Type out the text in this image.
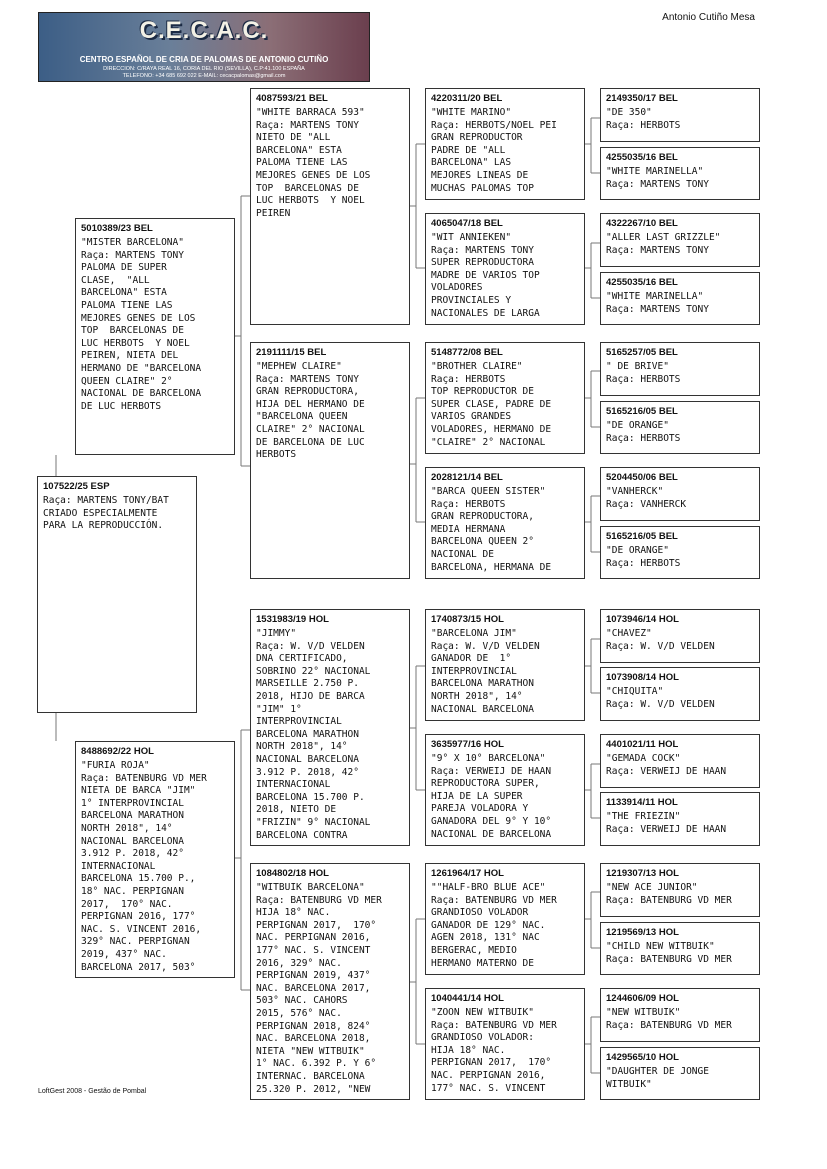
C.E.C.A.C.
CENTRO ESPAÑOL DE CRIA DE PALOMAS DE ANTONIO CUTIÑO
DIRECCION: C/RAYA REAL 16, CORIA DEL RIO (SEVILLA), C.P:41.100 ESPAÑA
TELEFONO: +34 685 692 022 E-MAIL: cecacpalomas@gmail.com
Antonio Cutiño Mesa
107522/25 ESP
Raça: MARTENS TONY/BAT
CRIADO ESPECIALMENTE
PARA LA REPRODUCCIÓN.
5010389/23 BEL
"MISTER BARCELONA"
Raça: MARTENS TONY
PALOMA DE SUPER
CLASE,  "ALL
BARCELONA" ESTA
PALOMA TIENE LAS
MEJORES GENES DE LOS
TOP  BARCELONAS DE
LUC HERBOTS  Y NOEL
PEIREN, NIETA DEL
HERMANO DE "BARCELONA
QUEEN CLAIRE" 2°
NACIONAL DE BARCELONA
DE LUC HERBOTS
8488692/22 HOL
"FURIA ROJA"
Raça: BATENBURG VD MER
NIETA DE BARCA "JIM"
1° INTERPROVINCIAL
BARCELONA MARATHON
NORTH 2018", 14°
NACIONAL BARCELONA
3.912 P. 2018, 42°
INTERNACIONAL
BARCELONA 15.700 P.,
18° NAC. PERPIGNAN
2017,  170° NAC.
PERPIGNAN 2016, 177°
NAC. S. VINCENT 2016,
329° NAC. PERPIGNAN
2019, 437° NAC.
BARCELONA 2017, 503°
4087593/21 BEL
"WHITE BARRACA 593"
Raça: MARTENS TONY
NIETO DE "ALL
BARCELONA" ESTA
PALOMA TIENE LAS
MEJORES GENES DE LOS
TOP  BARCELONAS DE
LUC HERBOTS  Y NOEL
PEIREN
2191111/15 BEL
"MEPHEW CLAIRE"
Raça: MARTENS TONY
GRAN REPRODUCTORA,
HIJA DEL HERMANO DE
"BARCELONA QUEEN
CLAIRE" 2° NACIONAL
DE BARCELONA DE LUC
HERBOTS
1531983/19 HOL
"JIMMY"
Raça: W. V/D VELDEN
DNA CERTIFICADO,
SOBRINO 22° NACIONAL
MARSEILLE 2.750 P.
2018, HIJO DE BARCA
"JIM" 1°
INTERPROVINCIAL
BARCELONA MARATHON
NORTH 2018", 14°
NACIONAL BARCELONA
3.912 P. 2018, 42°
INTERNACIONAL
BARCELONA 15.700 P.
2018, NIETO DE
"FRIZIN" 9° NACIONAL
BARCELONA CONTRA
1084802/18 HOL
"WITBUIK BARCELONA"
Raça: BATENBURG VD MER
HIJA 18° NAC.
PERPIGNAN 2017,  170°
NAC. PERPIGNAN 2016,
177° NAC. S. VINCENT
2016, 329° NAC.
PERPIGNAN 2019, 437°
NAC. BARCELONA 2017,
503° NAC. CAHORS
2015, 576° NAC.
PERPIGNAN 2018, 824°
NAC. BARCELONA 2018,
NIETA "NEW WITBUIK"
1° NAC. 6.392 P. Y 6°
INTERNAC. BARCELONA
25.320 P. 2012, "NEW
4220311/20 BEL
"WHITE MARINO"
Raça: HERBOTS/NOEL PEI
GRAN REPRODUCTOR
PADRE DE "ALL
BARCELONA" LAS
MEJORES LINEAS DE
MUCHAS PALOMAS TOP
4065047/18 BEL
"WIT ANNIEKEN"
Raça: MARTENS TONY
SUPER REPRODUCTORA
MADRE DE VARIOS TOP
VOLADORES
PROVINCIALES Y
NACIONALES DE LARGA
5148772/08 BEL
"BROTHER CLAIRE"
Raça: HERBOTS
TOP REPRODUCTOR DE
SUPER CLASE, PADRE DE
VARIOS GRANDES
VOLADORES, HERMANO DE
"CLAIRE" 2° NACIONAL
2028121/14 BEL
"BARCA QUEEN SISTER"
Raça: HERBOTS
GRAN REPRODUCTORA,
MEDIA HERMANA
BARCELONA QUEEN 2°
NACIONAL DE
BARCELONA, HERMANA DE
1740873/15 HOL
"BARCELONA JIM"
Raça: W. V/D VELDEN
GANADOR DE  1°
INTERPROVINCIAL
BARCELONA MARATHON
NORTH 2018", 14°
NACIONAL BARCELONA
3635977/16 HOL
"9° X 10° BARCELONA"
Raça: VERWEIJ DE HAAN
REPRODUCTORA SUPER,
HIJA DE LA SUPER
PAREJA VOLADORA Y
GANADORA DEL 9° Y 10°
NACIONAL DE BARCELONA
1261964/17 HOL
""HALF-BRO BLUE ACE"
Raça: BATENBURG VD MER
GRANDIOSO VOLADOR
GANADOR DE 129° NAC.
AGEN 2018, 131° NAC
BERGERAC, MEDIO
HERMANO MATERNO DE
1040441/14 HOL
"ZOON NEW WITBUIK"
Raça: BATENBURG VD MER
GRANDIOSO VOLADOR:
HIJA 18° NAC.
PERPIGNAN 2017,  170°
NAC. PERPIGNAN 2016,
177° NAC. S. VINCENT
2149350/17 BEL
"DE 350"
Raça: HERBOTS
4255035/16 BEL
"WHITE MARINELLA"
Raça: MARTENS TONY
4322267/10 BEL
"ALLER LAST GRIZZLE"
Raça: MARTENS TONY
4255035/16 BEL
"WHITE MARINELLA"
Raça: MARTENS TONY
5165257/05 BEL
" DE BRIVE"
Raça: HERBOTS
5165216/05 BEL
"DE ORANGE"
Raça: HERBOTS
5204450/06 BEL
"VANHERCK"
Raça: VANHERCK
5165216/05 BEL
"DE ORANGE"
Raça: HERBOTS
1073946/14 HOL
"CHAVEZ"
Raça: W. V/D VELDEN
1073908/14 HOL
"CHIQUITA"
Raça: W. V/D VELDEN
4401021/11 HOL
"GEMADA COCK"
Raça: VERWEIJ DE HAAN
1133914/11 HOL
"THE FRIEZIN"
Raça: VERWEIJ DE HAAN
1219307/13 HOL
"NEW ACE JUNIOR"
Raça: BATENBURG VD MER
1219569/13 HOL
"CHILD NEW WITBUIK"
Raça: BATENBURG VD MER
1244606/09 HOL
"NEW WITBUIK"
Raça: BATENBURG VD MER
1429565/10 HOL
"DAUGHTER DE JONGE
WITBUIK"
LoftGest 2008 - Gestão de Pombal
